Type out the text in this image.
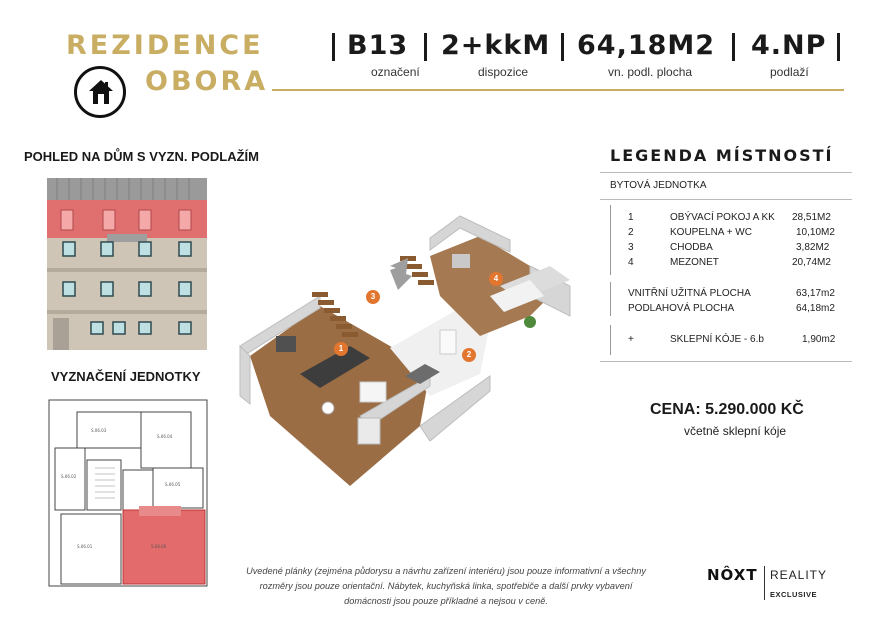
REZIDENCE
OBORA
B13
označení
2+kkM
dispozice
64,18M2
vn. podl. plocha
4.NP
podlaží
POHLED NA DŮM S VYZN. PODLAŽÍM
VYZNAČENÍ JEDNOTKY
S.06.03
S.06.04
S.06.02
S.06.05
S.06.01	S.06.06
1
2
3
4
LEGENDA MÍSTNOSTÍ
BYTOVÁ JEDNOTKA
1	OBÝVACÍ POKOJ A KK 28,51M2
2	KOUPELNA + WC	10,10M2
3	CHODBA	3,82M2
4	MEZONET	20,74M2
VNITŘNÍ UŽITNÁ PLOCHA	63,17m2
PODLAHOVÁ PLOCHA	64,18m2
+	SKLEPNÍ KÓJE - 6.b	1,90m2
CENA: 5.290.000 KČ
včetně sklepní kóje
Uvedené plánky (zejména půdorysu a návrhu zařízení interiéru) jsou pouze informativní a všechny
rozměry jsou pouze orientační. Nábytek, kuchyňská linka, spotřebiče a další prvky vybavení
domácnosti jsou pouze příkladné a nejsou v ceně.
NÔXT REALITY
EXCLUSIVE
